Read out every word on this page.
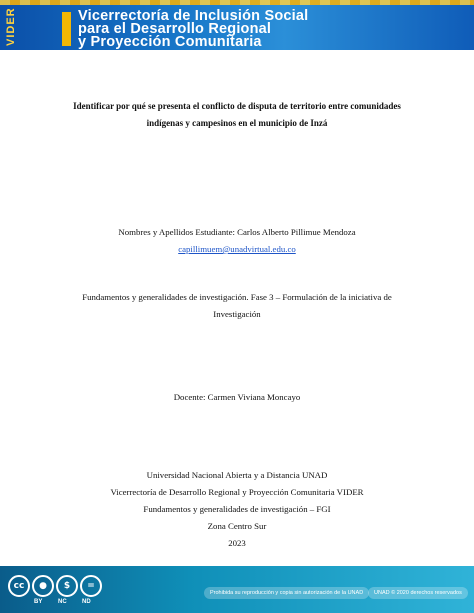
VIDER	Vicerrectoría de Inclusión Social
para el Desarrollo Regional
y Proyección Comunitaria
Identificar por qué se presenta el conflicto de disputa de territorio entre comunidades
indígenas y campesinos en el municipio de Inzá
Nombres y Apellidos Estudiante: Carlos Alberto Pillimue Mendoza
capillimuem@unadvirtual.edu.co
Fundamentos y generalidades de investigación. Fase 3 – Formulación de la iniciativa de
Investigación
Docente: Carmen Viviana Moncayo
Universidad Nacional Abierta y a Distancia UNAD
Vicerrectoría de Desarrollo Regional y Proyección Comunitaria VIDER
Fundamentos y generalidades de investigación – FGI
Zona Centro Sur
2023
cc	●	$	=
BY	NC	ND
Prohibida su reproducción y copia sin autorización de la UNAD	UNAD © 2020 derechos reservados
